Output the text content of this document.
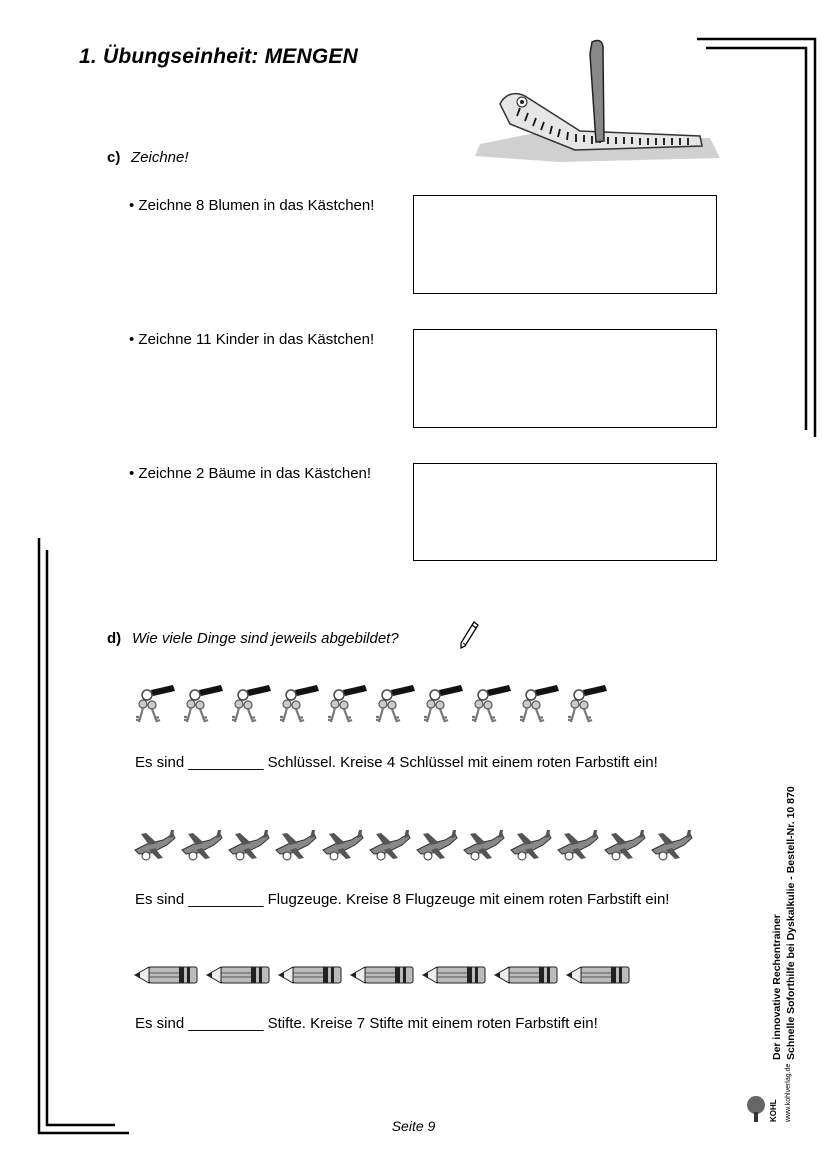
1. Übungseinheit: MENGEN
c) Zeichne!
• Zeichne 8 Blumen in das Kästchen!
• Zeichne 11 Kinder in das Kästchen!
• Zeichne 2 Bäume in das Kästchen!
d) Wie viele Dinge sind jeweils abgebildet?
Es sind _________ Schlüssel. Kreise 4 Schlüssel mit einem roten Farbstift ein!
Es sind _________ Flugzeuge. Kreise 8 Flugzeuge mit einem roten Farbstift ein!
Es sind _________ Stifte. Kreise 7 Stifte mit einem roten Farbstift ein!
Seite 9
Der innovative Rechentrainer Schnelle Soforthilfe bei Dyskalkulie - Bestell-Nr. 10 870
KOHL www.kohlverlag.de
